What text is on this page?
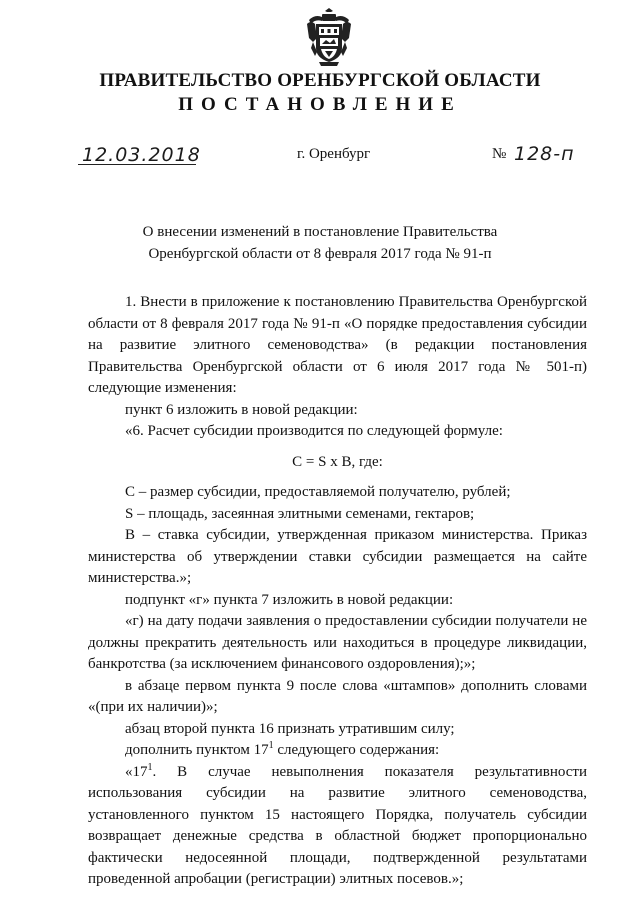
ПРАВИТЕЛЬСТВО ОРЕНБУРГСКОЙ ОБЛАСТИ
ПОСТАНОВЛЕНИЕ
12.03.2018	г. Оренбург	№ 128-п
О внесении изменений в постановление Правительства
Оренбургской области от 8 февраля 2017 года № 91-п

1. Внести в приложение к постановлению Правительства Оренбургской области от 8 февраля 2017 года № 91-п «О порядке предоставления субсидии на развитие элитного семеноводства» (в редакции постановления Правительства Оренбургской области от 6 июля 2017 года № 501-п) следующие изменения:

пункт 6 изложить в новой редакции:

«6. Расчет субсидии производится по следующей формуле:

С = S x В, где:

С – размер субсидии, предоставляемой получателю, рублей;

S – площадь, засеянная элитными семенами, гектаров;

В – ставка субсидии, утвержденная приказом министерства. Приказ министерства об утверждении ставки субсидии размещается на сайте министерства.»;

подпункт «г» пункта 7 изложить в новой редакции:

«г) на дату подачи заявления о предоставлении субсидии получатели не должны прекратить деятельность или находиться в процедуре ликвидации, банкротства (за исключением финансового оздоровления);»;

в абзаце первом пункта 9 после слова «штампов» дополнить словами «(при их наличии)»;

абзац второй пункта 16 признать утратившим силу;

дополнить пунктом $17^1$ следующего содержания:

«$17^1$. В случае невыполнения показателя результативности использования субсидии на развитие элитного семеноводства, установленного пунктом 15 настоящего Порядка, получатель субсидии возвращает денежные средства в областной бюджет пропорционально фактически недосеянной площади, подтвержденной результатами проведенной апробации (регистрации) элитных посевов.»;
